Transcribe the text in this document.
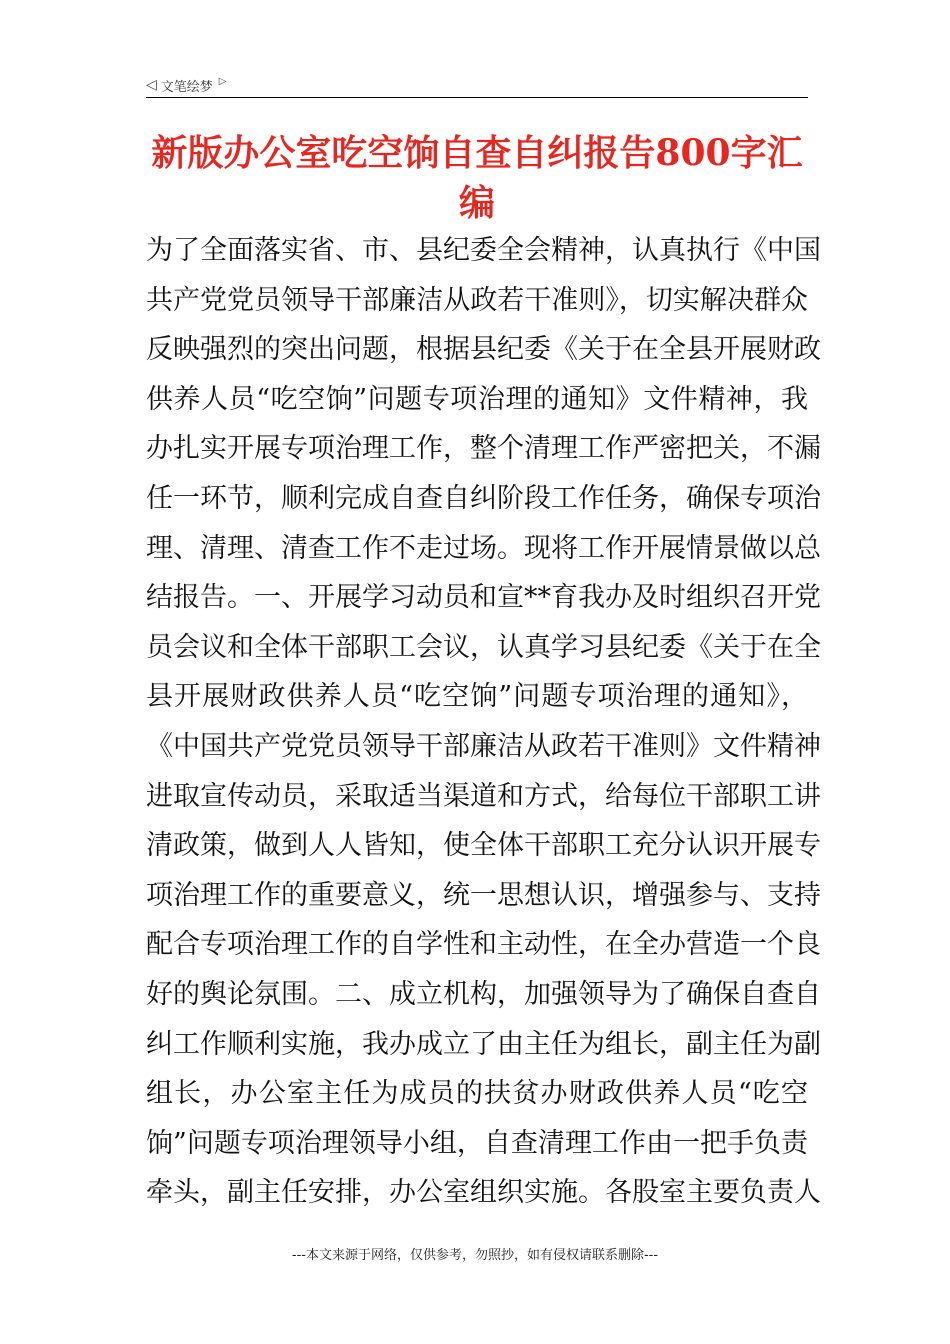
◁ 文笔绘梦 ▷
新版办公室吃空饷自查自纠报告800字汇
编
为了全面落实省、市、县纪委全会精神，认真执行《中国
共产党党员领导干部廉洁从政若干准则》，切实解决群众
反映强烈的突出问题，根据县纪委《关于在全县开展财政
供养人员“吃空饷”问题专项治理的通知》文件精神，我
办扎实开展专项治理工作，整个清理工作严密把关，不漏
任一环节，顺利完成自查自纠阶段工作任务，确保专项治
理、清理、清查工作不走过场。现将工作开展情景做以总
结报告。一、开展学习动员和宣**育我办及时组织召开党
员会议和全体干部职工会议，认真学习县纪委《关于在全
县开展财政供养人员“吃空饷”问题专项治理的通知》，
《中国共产党党员领导干部廉洁从政若干准则》文件精神
进取宣传动员，采取适当渠道和方式，给每位干部职工讲
清政策，做到人人皆知，使全体干部职工充分认识开展专
项治理工作的重要意义，统一思想认识，增强参与、支持
配合专项治理工作的自学性和主动性，在全办营造一个良
好的舆论氛围。二、成立机构，加强领导为了确保自查自
纠工作顺利实施，我办成立了由主任为组长，副主任为副
组长，办公室主任为成员的扶贫办财政供养人员“吃空
饷”问题专项治理领导小组，自查清理工作由一把手负责
牵头，副主任安排，办公室组织实施。各股室主要负责人
---本文来源于网络，仅供参考，勿照抄，如有侵权请联系删除---
